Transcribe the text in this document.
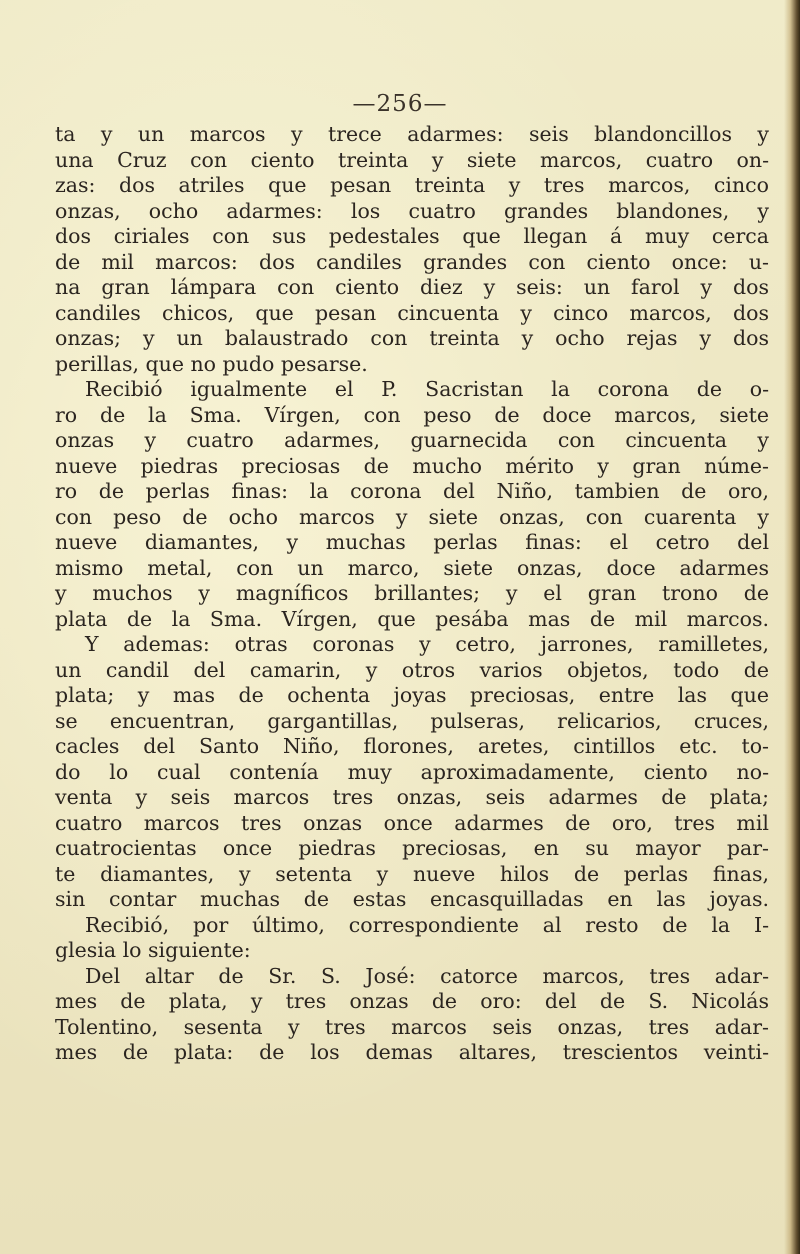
—256—
ta y un marcos y trece adarmes: seis blandoncillos y
una Cruz con ciento treinta y siete marcos, cuatro on-
zas: dos atriles que pesan treinta y tres marcos, cinco
onzas, ocho adarmes: los cuatro grandes blandones, y
dos ciriales con sus pedestales que llegan á muy cerca
de mil marcos: dos candiles grandes con ciento once: u-
na gran lámpara con ciento diez y seis: un farol y dos
candiles chicos, que pesan cincuenta y cinco marcos, dos
onzas; y un balaustrado con treinta y ocho rejas y dos
perillas, que no pudo pesarse.
Recibió igualmente el P. Sacristan la corona de o-
ro de la Sma. Vírgen, con peso de doce marcos, siete
onzas y cuatro adarmes, guarnecida con cincuenta y
nueve piedras preciosas de mucho mérito y gran núme-
ro de perlas finas: la corona del Niño, tambien de oro,
con peso de ocho marcos y siete onzas, con cuarenta y
nueve diamantes, y muchas perlas finas: el cetro del
mismo metal, con un marco, siete onzas, doce adarmes
y muchos y magníficos brillantes; y el gran trono de
plata de la Sma. Vírgen, que pesába mas de mil marcos.
Y ademas: otras coronas y cetro, jarrones, ramilletes,
un candil del camarin, y otros varios objetos, todo de
plata; y mas de ochenta joyas preciosas, entre las que
se encuentran, gargantillas, pulseras, relicarios, cruces,
cacles del Santo Niño, florones, aretes, cintillos etc. to-
do lo cual contenía muy aproximadamente, ciento no-
venta y seis marcos tres onzas, seis adarmes de plata;
cuatro marcos tres onzas once adarmes de oro, tres mil
cuatrocientas once piedras preciosas, en su mayor par-
te diamantes, y setenta y nueve hilos de perlas finas,
sin contar muchas de estas encasquilladas en las joyas.
Recibió, por último, correspondiente al resto de la I-
glesia lo siguiente:
Del altar de Sr. S. José: catorce marcos, tres adar-
mes de plata, y tres onzas de oro: del de S. Nicolás
Tolentino, sesenta y tres marcos seis onzas, tres adar-
mes de plata: de los demas altares, trescientos veinti-
